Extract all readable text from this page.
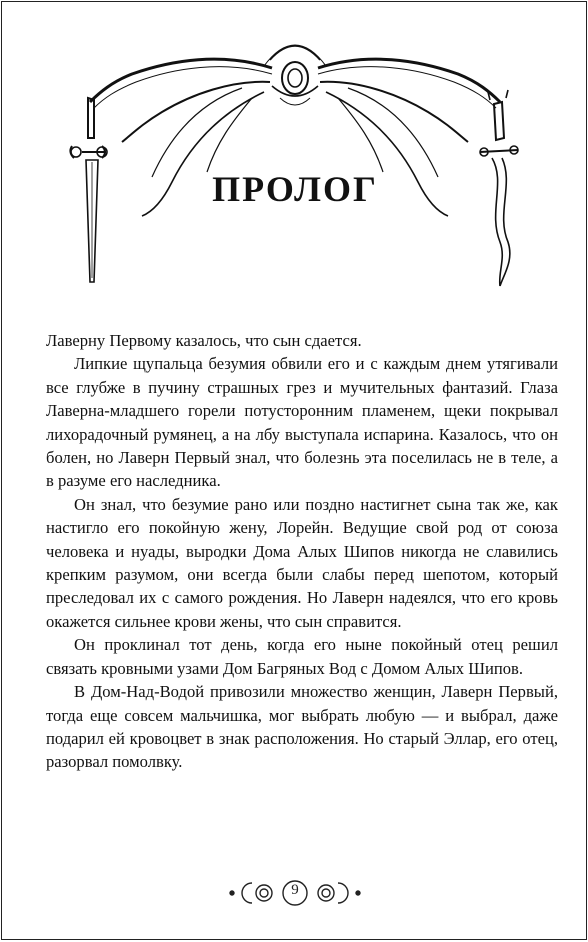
ПРОЛОГ

Лаверну Первому казалось, что сын сдается.

Липкие щупальца безумия обвили его и с каждым днем утягивали все глубже в пучину страшных грез и мучительных фантазий. Глаза Лаверна-младшего горели потусторонним пламенем, щеки покрывал лихорадочный румянец, а на лбу выступала испарина. Казалось, что он болен, но Лаверн Первый знал, что болезнь эта поселилась не в теле, а в разуме его наследника.

Он знал, что безумие рано или поздно настигнет сына так же, как настигло его покойную жену, Лорейн. Ведущие свой род от союза человека и нуады, выродки Дома Алых Шипов никогда не славились крепким разумом, они всегда были слабы перед шепотом, который преследовал их с самого рождения. Но Лаверн надеялся, что его кровь окажется сильнее крови жены, что сын справится.

Он проклинал тот день, когда его ныне покойный отец решил связать кровными узами Дом Багряных Вод с Домом Алых Шипов.

В Дом-Над-Водой привозили множество женщин, Лаверн Первый, тогда еще совсем мальчишка, мог выбрать любую — и выбрал, даже подарил ей кровоцвет в знак расположения. Но старый Эллар, его отец, разорвал помолвку.

9
